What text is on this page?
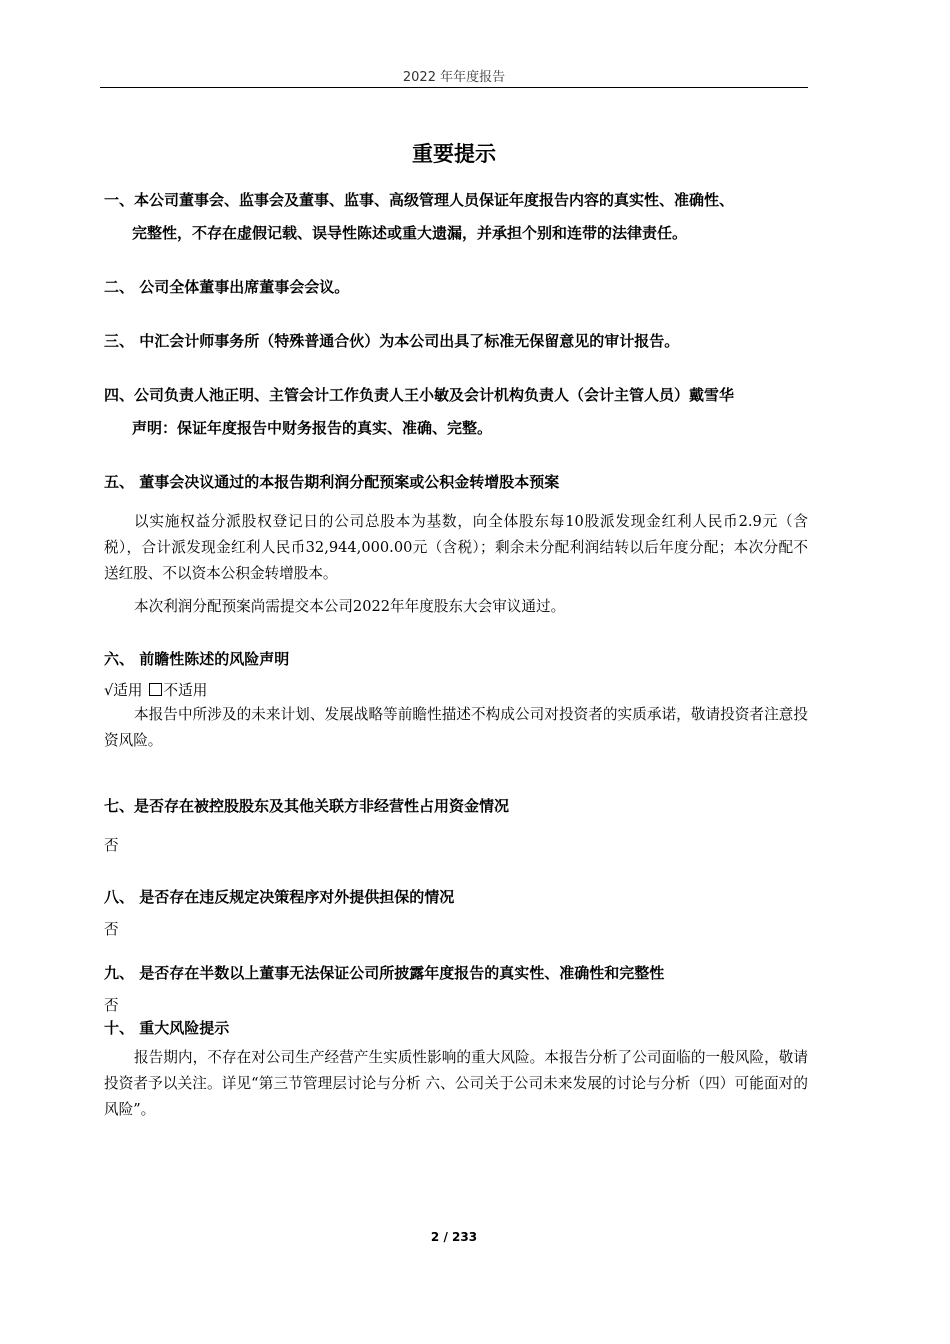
2022 年年度报告
重要提示
一、本公司董事会、监事会及董事、监事、高级管理人员保证年度报告内容的真实性、准确性、
完整性，不存在虚假记载、误导性陈述或重大遗漏，并承担个别和连带的法律责任。
二、 公司全体董事出席董事会会议。
三、 中汇会计师事务所（特殊普通合伙）为本公司出具了标准无保留意见的审计报告。
四、公司负责人池正明、主管会计工作负责人王小敏及会计机构负责人（会计主管人员）戴雪华
声明：保证年度报告中财务报告的真实、准确、完整。
五、 董事会决议通过的本报告期利润分配预案或公积金转增股本预案
以实施权益分派股权登记日的公司总股本为基数，向全体股东每10股派发现金红利人民币2.9元（含税），合计派发现金红利人民币32,944,000.00元（含税）；剩余未分配利润结转以后年度分配；本次分配不送红股、不以资本公积金转增股本。
本次利润分配预案尚需提交本公司2022年年度股东大会审议通过。
六、 前瞻性陈述的风险声明
√适用 不适用
本报告中所涉及的未来计划、发展战略等前瞻性描述不构成公司对投资者的实质承诺，敬请投资者注意投资风险。
七、是否存在被控股股东及其他关联方非经营性占用资金情况
否
八、 是否存在违反规定决策程序对外提供担保的情况
否
九、 是否存在半数以上董事无法保证公司所披露年度报告的真实性、准确性和完整性
否
十、 重大风险提示
报告期内，不存在对公司生产经营产生实质性影响的重大风险。本报告分析了公司面临的一般风险，敬请投资者予以关注。详见“第三节管理层讨论与分析 六、公司关于公司未来发展的讨论与分析（四）可能面对的风险”。
2 / 233
